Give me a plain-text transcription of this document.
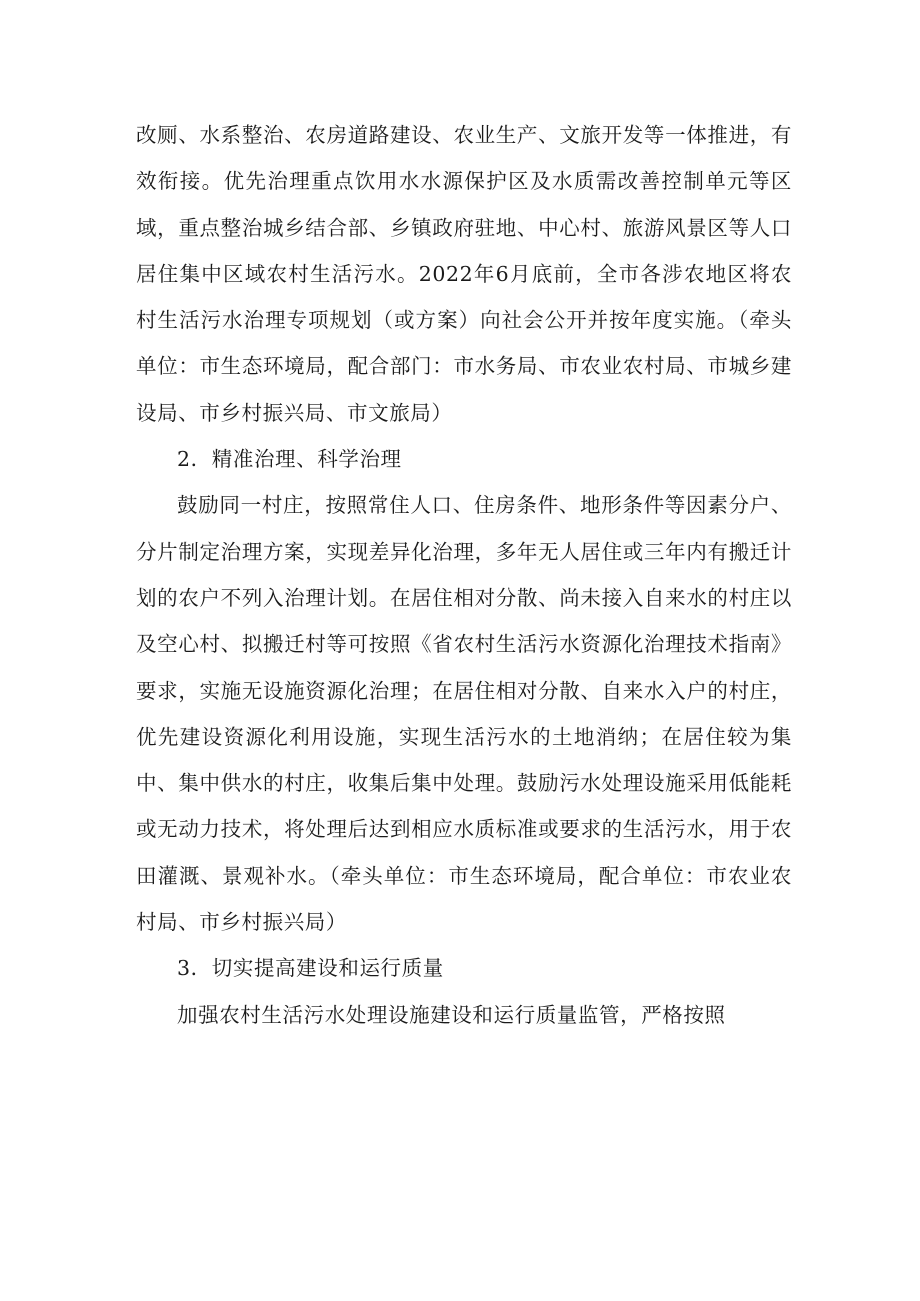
改厕、水系整治、农房道路建设、农业生产、文旅开发等一体推进，有效衔接。优先治理重点饮用水水源保护区及水质需改善控制单元等区域，重点整治城乡结合部、乡镇政府驻地、中心村、旅游风景区等人口居住集中区域农村生活污水。2022年6月底前，全市各涉农地区将农村生活污水治理专项规划（或方案）向社会公开并按年度实施。（牵头单位：市生态环境局，配合部门：市水务局、市农业农村局、市城乡建设局、市乡村振兴局、市文旅局）

2．精准治理、科学治理

鼓励同一村庄，按照常住人口、住房条件、地形条件等因素分户、分片制定治理方案，实现差异化治理，多年无人居住或三年内有搬迁计划的农户不列入治理计划。在居住相对分散、尚未接入自来水的村庄以及空心村、拟搬迁村等可按照《省农村生活污水资源化治理技术指南》要求，实施无设施资源化治理；在居住相对分散、自来水入户的村庄，优先建设资源化利用设施，实现生活污水的土地消纳；在居住较为集中、集中供水的村庄，收集后集中处理。鼓励污水处理设施采用低能耗或无动力技术，将处理后达到相应水质标准或要求的生活污水，用于农田灌溉、景观补水。（牵头单位：市生态环境局，配合单位：市农业农村局、市乡村振兴局）

3．切实提高建设和运行质量

加强农村生活污水处理设施建设和运行质量监管，严格按照
